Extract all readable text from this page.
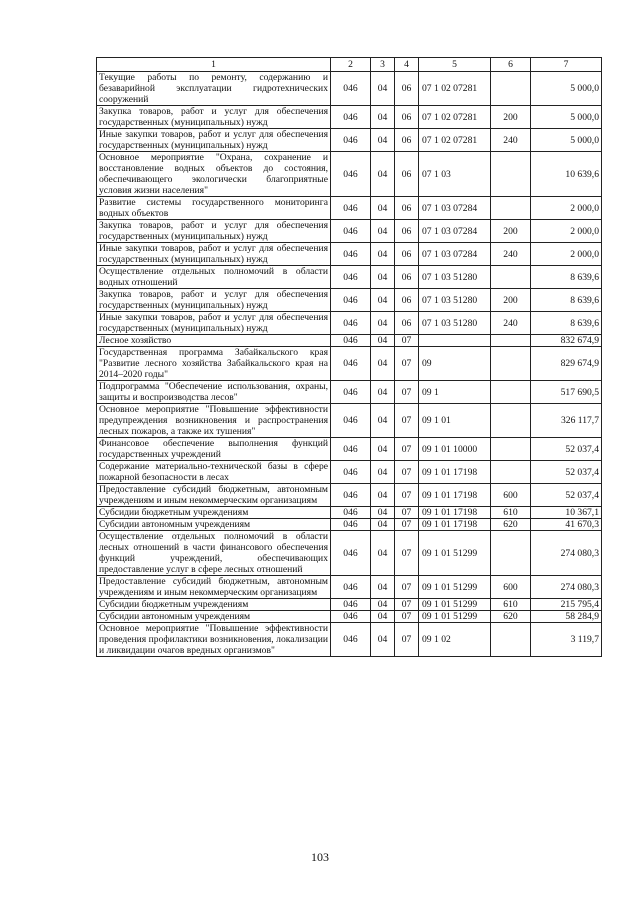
1	2	3	4	5	6	7
Текущие работы по ремонту, содержанию и безаварийной эксплуатации гидротехнических сооружений	046	04	06	07 1 02 07281		5 000,0
Закупка товаров, работ и услуг для обеспечения государственных (муниципальных) нужд	046	04	06	07 1 02 07281	200	5 000,0
Иные закупки товаров, работ и услуг для обеспечения государственных (муниципальных) нужд	046	04	06	07 1 02 07281	240	5 000,0
Основное мероприятие "Охрана, сохранение и восстановление водных объектов до состояния, обеспечивающего экологически благоприятные условия жизни населения"	046	04	06	07 1 03		10 639,6
Развитие системы государственного мониторинга водных объектов	046	04	06	07 1 03 07284		2 000,0
Закупка товаров, работ и услуг для обеспечения государственных (муниципальных) нужд	046	04	06	07 1 03 07284	200	2 000,0
Иные закупки товаров, работ и услуг для обеспечения государственных (муниципальных) нужд	046	04	06	07 1 03 07284	240	2 000,0
Осуществление отдельных полномочий в области водных отношений	046	04	06	07 1 03 51280		8 639,6
Закупка товаров, работ и услуг для обеспечения государственных (муниципальных) нужд	046	04	06	07 1 03 51280	200	8 639,6
Иные закупки товаров, работ и услуг для обеспечения государственных (муниципальных) нужд	046	04	06	07 1 03 51280	240	8 639,6
Лесное хозяйство	046	04	07			832 674,9
Государственная программа Забайкальского края "Развитие лесного хозяйства Забайкальского края на 2014–2020 годы"	046	04	07	09		829 674,9
Подпрограмма "Обеспечение использования, охраны, защиты и воспроизводства лесов"	046	04	07	09 1		517 690,5
Основное мероприятие "Повышение эффективности предупреждения возникновения и распространения лесных пожаров, а также их тушения"	046	04	07	09 1 01		326 117,7
Финансовое обеспечение выполнения функций государственных учреждений	046	04	07	09 1 01 10000		52 037,4
Содержание материально-технической базы в сфере пожарной безопасности в лесах	046	04	07	09 1 01 17198		52 037,4
Предоставление субсидий бюджетным, автономным учреждениям и иным некоммерческим организациям	046	04	07	09 1 01 17198	600	52 037,4
Субсидии бюджетным учреждениям	046	04	07	09 1 01 17198	610	10 367,1
Субсидии автономным учреждениям	046	04	07	09 1 01 17198	620	41 670,3
Осуществление отдельных полномочий в области лесных отношений в части финансового обеспечения функций учреждений, обеспечивающих предоставление услуг в сфере лесных отношений	046	04	07	09 1 01 51299		274 080,3
Предоставление субсидий бюджетным, автономным учреждениям и иным некоммерческим организациям	046	04	07	09 1 01 51299	600	274 080,3
Субсидии бюджетным учреждениям	046	04	07	09 1 01 51299	610	215 795,4
Субсидии автономным учреждениям	046	04	07	09 1 01 51299	620	58 284,9
Основное мероприятие "Повышение эффективности проведения профилактики возникновения, локализации и ликвидации очагов вредных организмов"	046	04	07	09 1 02		3 119,7
103
